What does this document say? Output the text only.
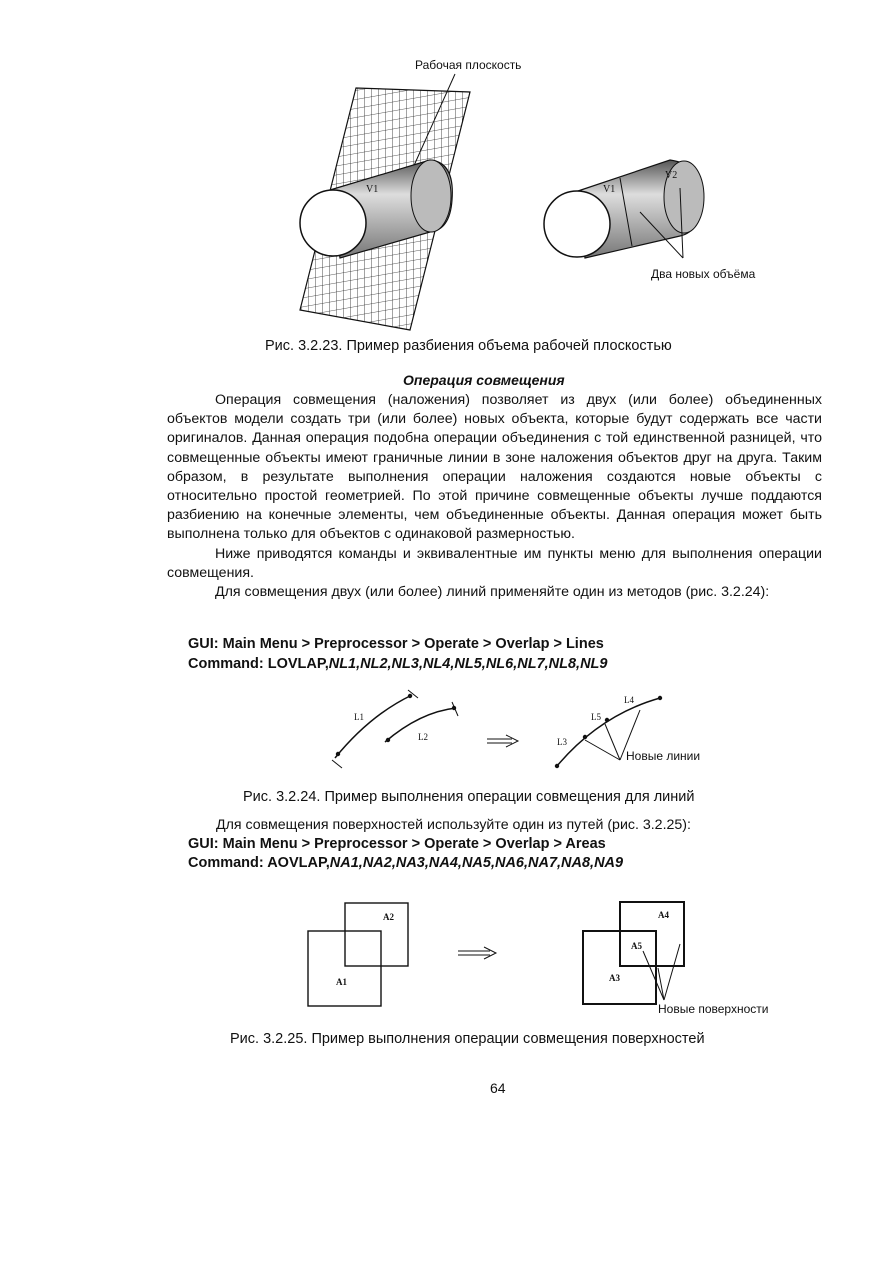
Рабочая плоскость
V1	V1
V2
Два новых объёма
Рис. 3.2.23. Пример разбиения объема рабочей плоскостью
Операция совмещения

Операция совмещения (наложения) позволяет из двух (или более) объединенных объектов модели создать три (или более) новых объекта, которые будут содержать все части оригиналов. Данная операция подобна операции объединения с той единственной разницей, что совмещенные объекты имеют граничные линии в зоне наложения объектов друг на друга. Таким образом, в результате выполнения операции наложения создаются новые объекты с относительно простой геометрией. По этой причине совмещенные объекты лучше поддаются разбиению на конечные элементы, чем объединенные объекты. Данная операция может быть выполнена только для объектов с одинаковой размерностью.

Ниже приводятся команды и эквивалентные им пункты меню для выполнения операции совмещения.

Для совмещения двух (или более) линий применяйте один из методов (рис. 3.2.24):

GUI: Main Menu > Preprocessor > Operate > Overlap > Lines
Command: LOVLAP,NL1,NL2,NL3,NL4,NL5,NL6,NL7,NL8,NL9
L1
L2	L3
L5
L4
Новые линии
Рис. 3.2.24. Пример выполнения операции совмещения для линий
Для совмещения поверхностей используйте один из путей (рис. 3.2.25):
GUI: Main Menu > Preprocessor > Operate > Overlap > Areas
Command: AOVLAP,NA1,NA2,NA3,NA4,NA5,NA6,NA7,NA8,NA9
A1
A2
A3
A4
A5
Новые поверхности
Рис. 3.2.25. Пример выполнения операции совмещения поверхностей
64
